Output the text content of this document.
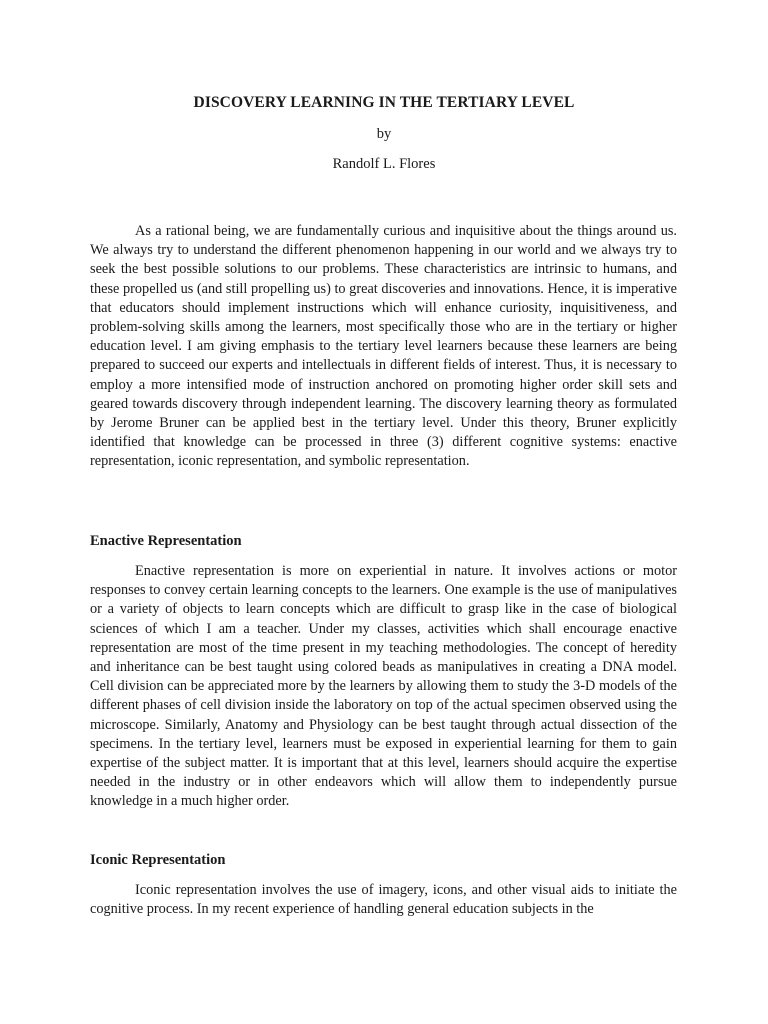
DISCOVERY LEARNING IN THE TERTIARY LEVEL
by
Randolf L. Flores

As a rational being, we are fundamentally curious and inquisitive about the things around us. We always try to understand the different phenomenon happening in our world and we always try to seek the best possible solutions to our problems. These characteristics are intrinsic to humans, and these propelled us (and still propelling us) to great discoveries and innovations. Hence, it is imperative that educators should implement instructions which will enhance curiosity, inquisitiveness, and problem-solving skills among the learners, most specifically those who are in the tertiary or higher education level. I am giving emphasis to the tertiary level learners because these learners are being prepared to succeed our experts and intellectuals in different fields of interest. Thus, it is necessary to employ a more intensified mode of instruction anchored on promoting higher order skill sets and geared towards discovery through independent learning. The discovery learning theory as formulated by Jerome Bruner can be applied best in the tertiary level. Under this theory, Bruner explicitly identified that knowledge can be processed in three (3) different cognitive systems: enactive representation, iconic representation, and symbolic representation.

Enactive Representation

Enactive representation is more on experiential in nature. It involves actions or motor responses to convey certain learning concepts to the learners. One example is the use of manipulatives or a variety of objects to learn concepts which are difficult to grasp like in the case of biological sciences of which I am a teacher. Under my classes, activities which shall encourage enactive representation are most of the time present in my teaching methodologies. The concept of heredity and inheritance can be best taught using colored beads as manipulatives in creating a DNA model. Cell division can be appreciated more by the learners by allowing them to study the 3-D models of the different phases of cell division inside the laboratory on top of the actual specimen observed using the microscope. Similarly, Anatomy and Physiology can be best taught through actual dissection of the specimens. In the tertiary level, learners must be exposed in experiential learning for them to gain expertise of the subject matter. It is important that at this level, learners should acquire the expertise needed in the industry or in other endeavors which will allow them to independently pursue knowledge in a much higher order.

Iconic Representation

Iconic representation involves the use of imagery, icons, and other visual aids to initiate the cognitive process. In my recent experience of handling general education subjects in the
